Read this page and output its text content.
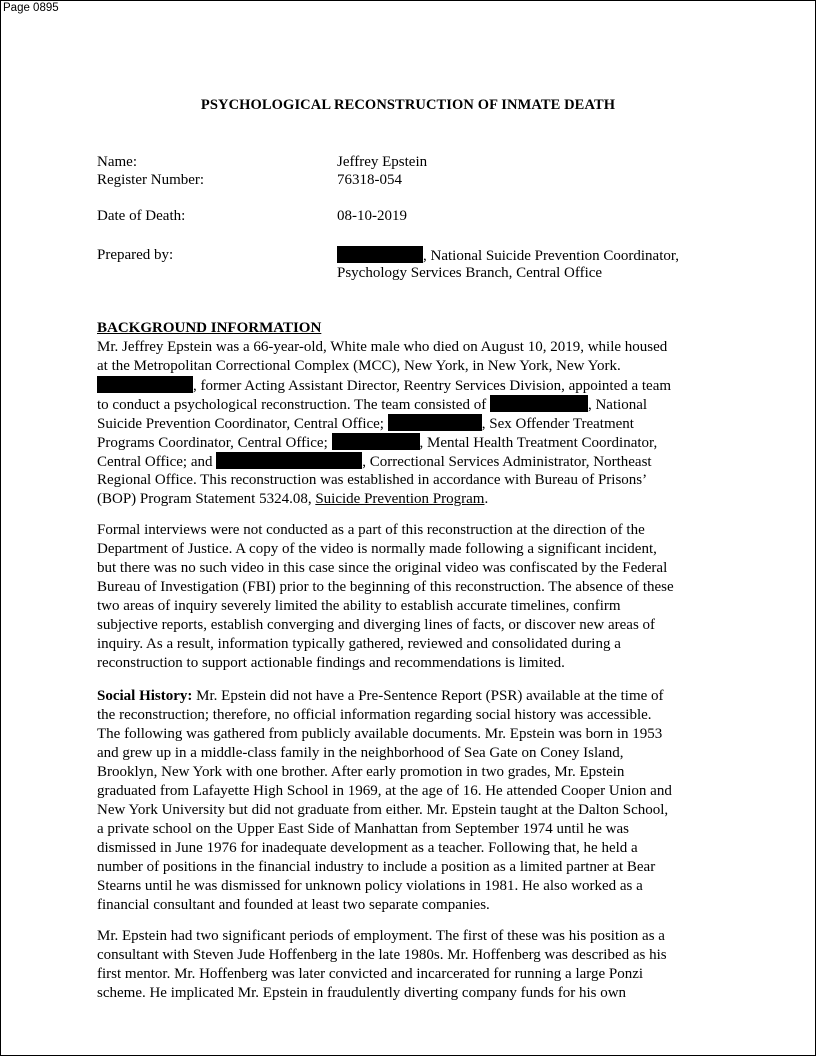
Page 0895
PSYCHOLOGICAL RECONSTRUCTION OF INMATE DEATH
Name:	Jeffrey Epstein
Register Number:	76318-054
Date of Death:	08-10-2019
Prepared by:	, National Suicide Prevention Coordinator,
Psychology Services Branch, Central Office
BACKGROUND INFORMATION
Mr. Jeffrey Epstein was a 66-year-old, White male who died on August 10, 2019, while housed
at the Metropolitan Correctional Complex (MCC), New York, in New York, New York.
, former Acting Assistant Director, Reentry Services Division, appointed a team
to conduct a psychological reconstruction. The team consisted of	, National
Suicide Prevention Coordinator, Central Office;	, Sex Offender Treatment
Programs Coordinator, Central Office;	, Mental Health Treatment Coordinator,
Central Office; and	, Correctional Services Administrator, Northeast
Regional Office. This reconstruction was established in accordance with Bureau of Prisons’
(BOP) Program Statement 5324.08, Suicide Prevention Program.
Formal interviews were not conducted as a part of this reconstruction at the direction of the
Department of Justice. A copy of the video is normally made following a significant incident,
but there was no such video in this case since the original video was confiscated by the Federal
Bureau of Investigation (FBI) prior to the beginning of this reconstruction. The absence of these
two areas of inquiry severely limited the ability to establish accurate timelines, confirm
subjective reports, establish converging and diverging lines of facts, or discover new areas of
inquiry. As a result, information typically gathered, reviewed and consolidated during a
reconstruction to support actionable findings and recommendations is limited.
Social History: Mr. Epstein did not have a Pre-Sentence Report (PSR) available at the time of
the reconstruction; therefore, no official information regarding social history was accessible.
The following was gathered from publicly available documents. Mr. Epstein was born in 1953
and grew up in a middle-class family in the neighborhood of Sea Gate on Coney Island,
Brooklyn, New York with one brother. After early promotion in two grades, Mr. Epstein
graduated from Lafayette High School in 1969, at the age of 16. He attended Cooper Union and
New York University but did not graduate from either. Mr. Epstein taught at the Dalton School,
a private school on the Upper East Side of Manhattan from September 1974 until he was
dismissed in June 1976 for inadequate development as a teacher. Following that, he held a
number of positions in the financial industry to include a position as a limited partner at Bear
Stearns until he was dismissed for unknown policy violations in 1981. He also worked as a
financial consultant and founded at least two separate companies.
Mr. Epstein had two significant periods of employment. The first of these was his position as a
consultant with Steven Jude Hoffenberg in the late 1980s. Mr. Hoffenberg was described as his
first mentor. Mr. Hoffenberg was later convicted and incarcerated for running a large Ponzi
scheme. He implicated Mr. Epstein in fraudulently diverting company funds for his own
